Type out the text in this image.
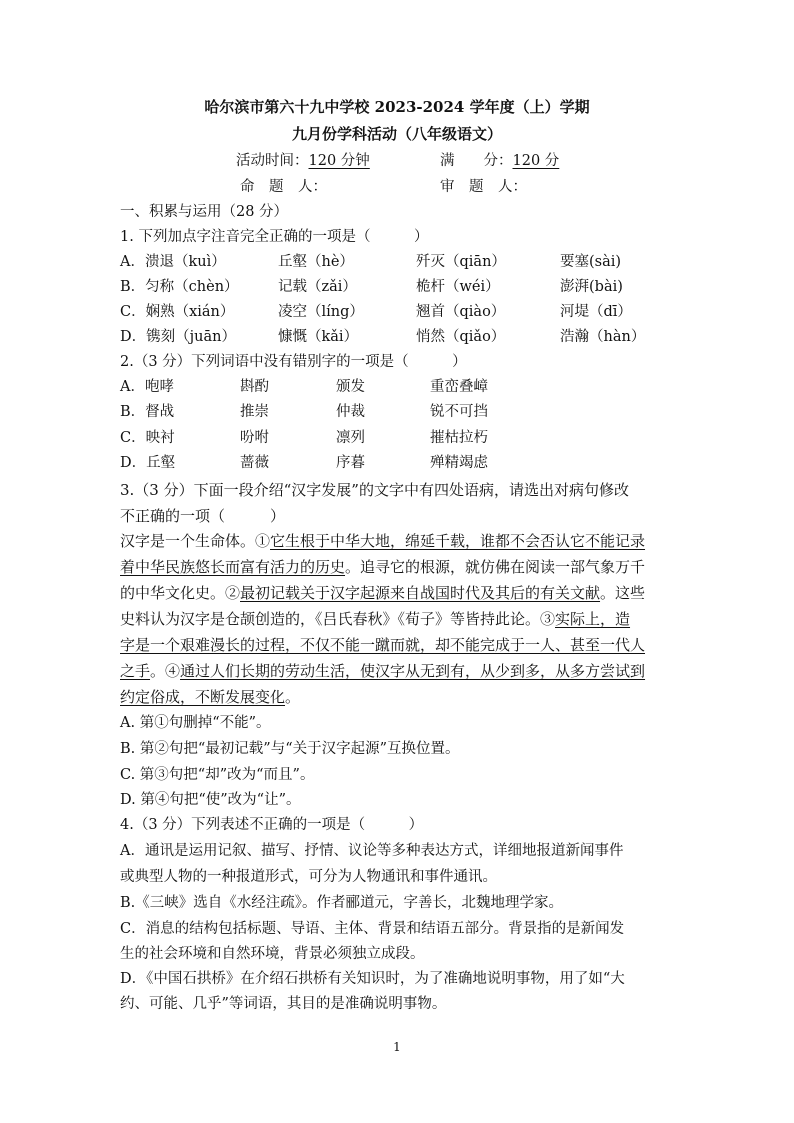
哈尔滨市第六十九中学校 2023-2024 学年度（上）学期
九月份学科活动（八年级语文）
活动时间：120 分钟	满　　分：120 分
命　题　人：	审　题　人：
一、积累与运用（28 分）
1. 下列加点字注音完全正确的一项是（　　　）
A．溃退（kuì）	丘壑（hè）	歼灭（qiān）	要塞(sài)
B．匀称（chèn）	记载（zǎi）	桅杆（wéi）	澎湃(bài)
C．娴熟（xián）	凌空（líng）	翘首（qiào）	河堤（dī）
D．镌刻（juān）	慷慨（kǎi）	悄然（qiǎo）	浩瀚（hàn）
2.（3 分）下列词语中没有错别字的一项是（　　　）
A．咆哮	斟酌	颁发	重峦叠嶂
B．督战	推崇	仲裁	锐不可挡
C．映衬	吩咐	凛列	摧枯拉朽
D．丘壑	蔷薇	序暮	殚精竭虑
3.（3 分）下面一段介绍“汉字发展”的文字中有四处语病，请选出对病句修改
不正确的一项（　　　）
汉字是一个生命体。①它生根于中华大地，绵延千载，谁都不会否认它不能记录
着中华民族悠长而富有活力的历史。追寻它的根源，就仿佛在阅读一部气象万千
的中华文化史。②最初记载关于汉字起源来自战国时代及其后的有关文献。这些
史料认为汉字是仓颉创造的，《吕氏春秋》《荀子》等皆持此论。③实际上，造
字是一个艰难漫长的过程，不仅不能一蹴而就，却不能完成于一人、甚至一代人
之手。④通过人们长期的劳动生活，使汉字从无到有，从少到多，从多方尝试到
约定俗成，不断发展变化。
A. 第①句删掉“不能”。
B. 第②句把“最初记载”与“关于汉字起源”互换位置。
C. 第③句把“却”改为“而且”。
D. 第④句把“使”改为“让”。
4.（3 分）下列表述不正确的一项是（　　　）
A．通讯是运用记叙、描写、抒情、议论等多种表达方式，详细地报道新闻事件
或典型人物的一种报道形式，可分为人物通讯和事件通讯。
B.《三峡》选自《水经注疏》。作者郦道元，字善长，北魏地理学家。
C．消息的结构包括标题、导语、主体、背景和结语五部分。背景指的是新闻发
生的社会环境和自然环境，背景必须独立成段。
D．《中国石拱桥》在介绍石拱桥有关知识时，为了准确地说明事物，用了如“大
约、可能、几乎”等词语，其目的是准确说明事物。
1
